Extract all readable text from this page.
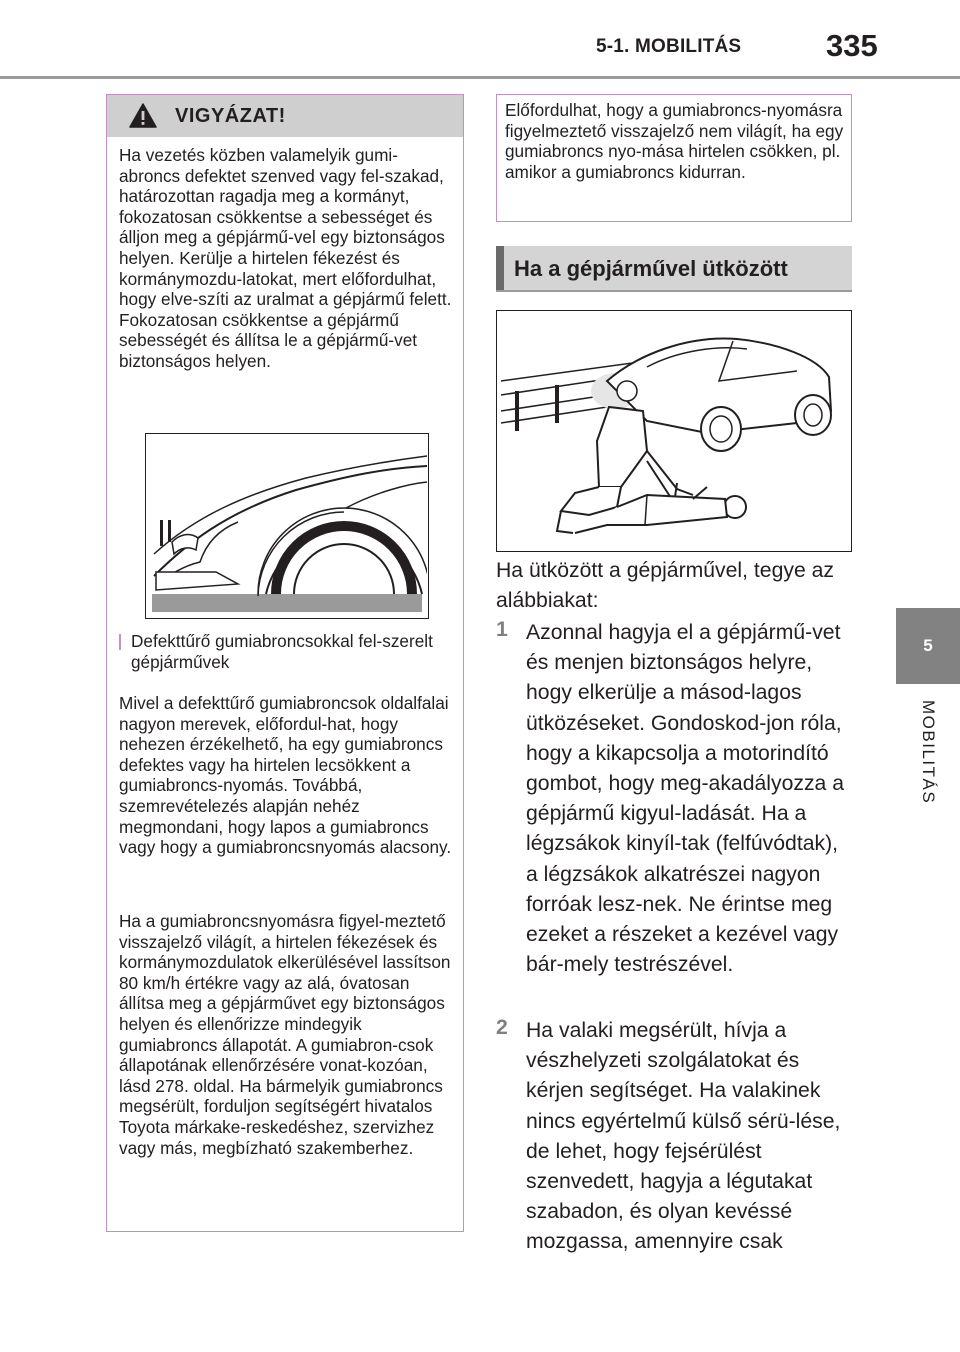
5-1. MOBILITÁS	335
5
MOBILITÁS
VIGYÁZAT!
Ha vezetés közben valamelyik gumi-abroncs defektet szenved vagy fel-szakad, határozottan ragadja meg a kormányt, fokozatosan csökkentse a sebességet és álljon meg a gépjármű-vel egy biztonságos helyen. Kerülje a hirtelen fékezést és kormánymozdu-latokat, mert előfordulhat, hogy elve-szíti az uralmat a gépjármű felett. Fokozatosan csökkentse a gépjármű sebességét és állítsa le a gépjármű-vet biztonságos helyen.
Defekttűrő gumiabroncsokkal fel-szerelt gépjárművek
Mivel a defekttűrő gumiabroncsok oldalfalai nagyon merevek, előfordul-hat, hogy nehezen érzékelhető, ha egy gumiabroncs defektes vagy ha hirtelen lecsökkent a gumiabroncs-nyomás. Továbbá, szemrevételezés alapján nehéz megmondani, hogy lapos a gumiabroncs vagy hogy a gumiabroncsnyomás alacsony.
Ha a gumiabroncsnyomásra figyel-meztető visszajelző világít, a hirtelen fékezések és kormánymozdulatok elkerülésével lassítson 80 km/h értékre vagy az alá, óvatosan állítsa meg a gépjárművet egy biztonságos helyen és ellenőrizze mindegyik gumiabroncs állapotát. A gumiabron-csok állapotának ellenőrzésére vonat-kozóan, lásd 278. oldal. Ha bármelyik gumiabroncs megsérült, forduljon segítségért hivatalos Toyota márkake-reskedéshez, szervizhez vagy más, megbízható szakemberhez.
Előfordulhat, hogy a gumiabroncs-nyomásra figyelmeztető visszajelző nem világít, ha egy gumiabroncs nyo-mása hirtelen csökken, pl. amikor a gumiabroncs kidurran.
Ha a gépjárművel ütközött
Ha ütközött a gépjárművel, tegye az alábbiakat:
1 Azonnal hagyja el a gépjármű-vet és menjen biztonságos helyre, hogy elkerülje a másod-lagos ütközéseket. Gondoskod-jon róla, hogy a kikapcsolja a motorindító gombot, hogy meg-akadályozza a gépjármű kigyul-ladását. Ha a légzsákok kinyíl-tak (felfúvódtak), a légzsákok alkatrészei nagyon forróak lesz-nek. Ne érintse meg ezeket a részeket a kezével vagy bár-mely testrészével.
2 Ha valaki megsérült, hívja a vészhelyzeti szolgálatokat és kérjen segítséget. Ha valakinek nincs egyértelmű külső sérü-lése, de lehet, hogy fejsérülést szenvedett, hagyja a légutakat szabadon, és olyan kevéssé mozgassa, amennyire csak
